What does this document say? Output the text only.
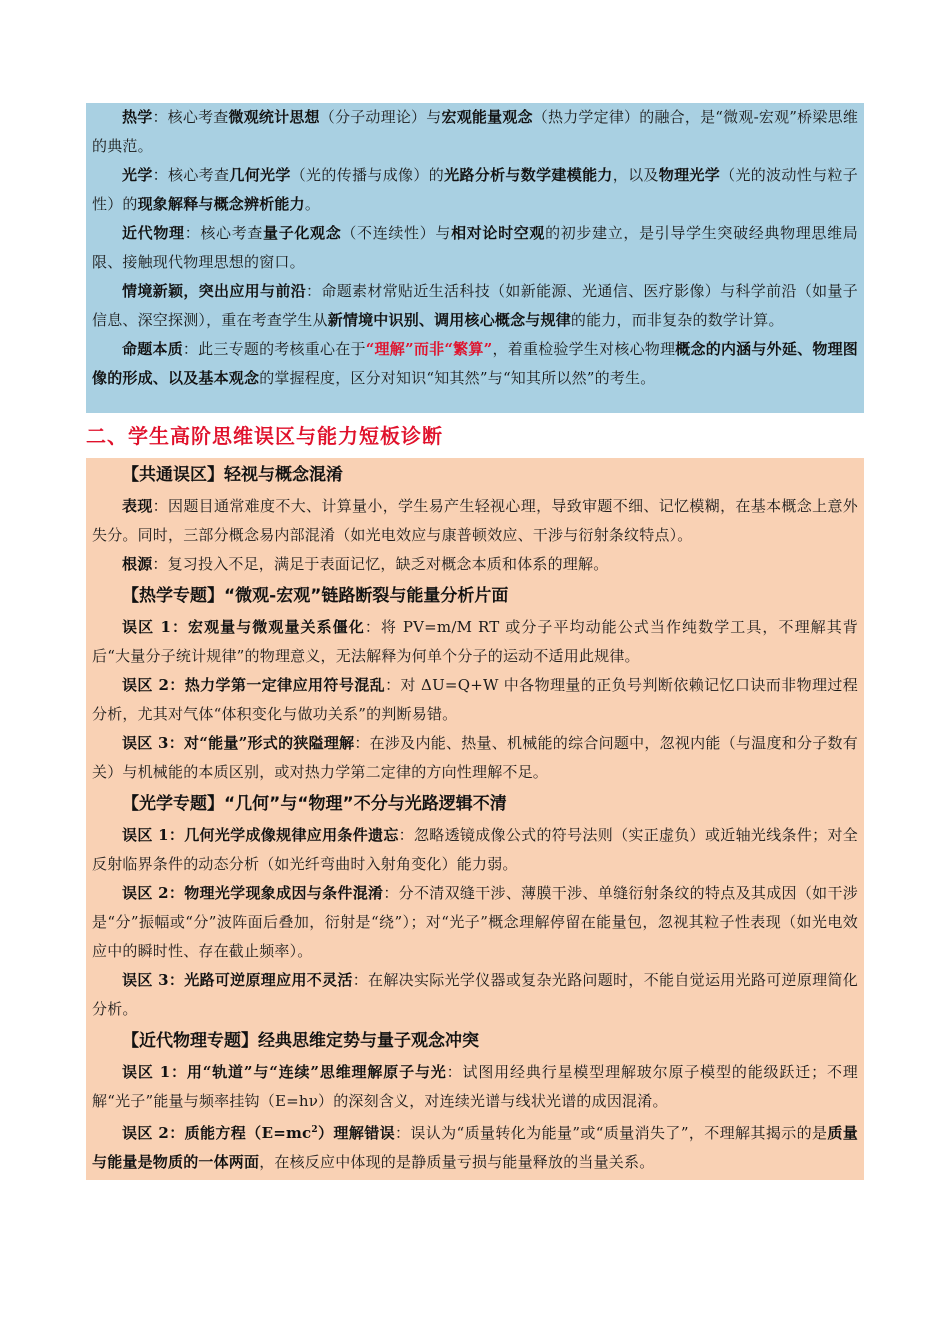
热学：核心考查微观统计思想（分子动理论）与宏观能量观念（热力学定律）的融合，是“微观-宏观”桥梁思维的典范。

光学：核心考查几何光学（光的传播与成像）的光路分析与数学建模能力，以及物理光学（光的波动性与粒子性）的现象解释与概念辨析能力。

近代物理：核心考查量子化观念（不连续性）与相对论时空观的初步建立，是引导学生突破经典物理思维局限、接触现代物理思想的窗口。

情境新颖，突出应用与前沿：命题素材常贴近生活科技（如新能源、光通信、医疗影像）与科学前沿（如量子信息、深空探测），重在考查学生从新情境中识别、调用核心概念与规律的能力，而非复杂的数学计算。

命题本质：此三专题的考核重心在于“理解”而非“繁算”，着重检验学生对核心物理概念的内涵与外延、物理图像的形成、以及基本观念的掌握程度，区分对知识“知其然”与“知其所以然”的考生。

二、学生高阶思维误区与能力短板诊断
【共通误区】轻视与概念混淆

表现：因题目通常难度不大、计算量小，学生易产生轻视心理，导致审题不细、记忆模糊，在基本概念上意外失分。同时，三部分概念易内部混淆（如光电效应与康普顿效应、干涉与衍射条纹特点）。

根源：复习投入不足，满足于表面记忆，缺乏对概念本质和体系的理解。

【热学专题】“微观-宏观”链路断裂与能量分析片面

误区 1：宏观量与微观量关系僵化：将 PV=m/M RT 或分子平均动能公式当作纯数学工具，不理解其背后“大量分子统计规律”的物理意义，无法解释为何单个分子的运动不适用此规律。

误区 2：热力学第一定律应用符号混乱：对 ΔU=Q+W 中各物理量的正负号判断依赖记忆口诀而非物理过程分析，尤其对气体“体积变化与做功关系”的判断易错。

误区 3：对“能量”形式的狭隘理解：在涉及内能、热量、机械能的综合问题中，忽视内能（与温度和分子数有关）与机械能的本质区别，或对热力学第二定律的方向性理解不足。

【光学专题】“几何”与“物理”不分与光路逻辑不清

误区 1：几何光学成像规律应用条件遗忘：忽略透镜成像公式的符号法则（实正虚负）或近轴光线条件；对全反射临界条件的动态分析（如光纤弯曲时入射角变化）能力弱。

误区 2：物理光学现象成因与条件混淆：分不清双缝干涉、薄膜干涉、单缝衍射条纹的特点及其成因（如干涉是“分”振幅或“分”波阵面后叠加，衍射是“绕”）；对“光子”概念理解停留在能量包，忽视其粒子性表现（如光电效应中的瞬时性、存在截止频率）。

误区 3：光路可逆原理应用不灵活：在解决实际光学仪器或复杂光路问题时，不能自觉运用光路可逆原理简化分析。

【近代物理专题】经典思维定势与量子观念冲突

误区 1：用“轨道”与“连续”思维理解原子与光：试图用经典行星模型理解玻尔原子模型的能级跃迁；不理解“光子”能量与频率挂钩（E=hν）的深刻含义，对连续光谱与线状光谱的成因混淆。

误区 2：质能方程$(E=mc^2)$理解错误：误认为“质量转化为能量”或“质量消失了”，不理解其揭示的是质量与能量是物质的一体两面，在核反应中体现的是静质量亏损与能量释放的当量关系。
